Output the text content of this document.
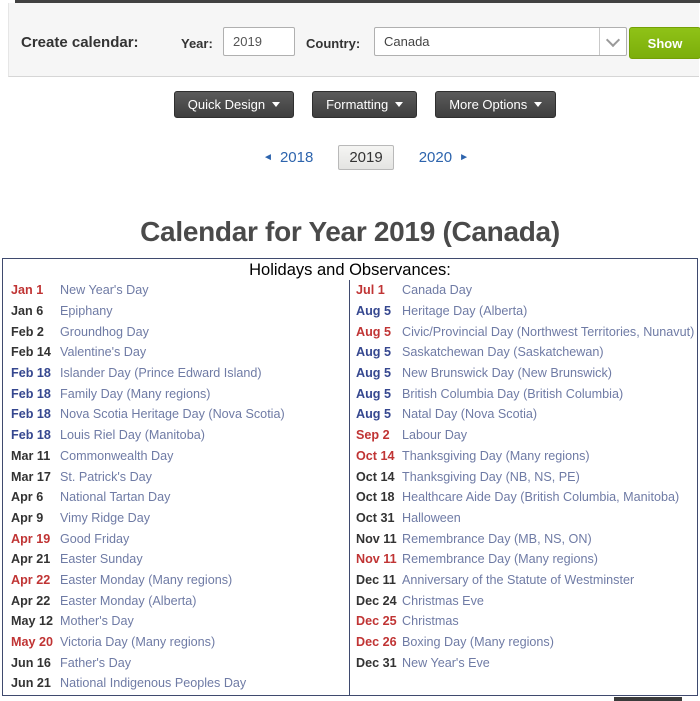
Create calendar:	Year:
2019	Country:	Canada	Show
Quick Design	Formatting	More Options
◄ 2018	2019	2020 ►
Calendar for Year 2019 (Canada)
Holidays and Observances:
Jan 1	New Year's Day
Jan 6	Epiphany
Feb 2	Groundhog Day
Feb 14 Valentine's Day
Feb 18 Islander Day (Prince Edward Island)
Feb 18 Family Day (Many regions)
Feb 18 Nova Scotia Heritage Day (Nova Scotia)
Feb 18 Louis Riel Day (Manitoba)
Mar 11 Commonwealth Day
Mar 17 St. Patrick's Day
Apr 6	National Tartan Day
Apr 9	Vimy Ridge Day
Apr 19 Good Friday
Apr 21 Easter Sunday
Apr 22 Easter Monday (Many regions)
Apr 22 Easter Monday (Alberta)
May 12 Mother's Day
May 20 Victoria Day (Many regions)
Jun 16 Father's Day
Jun 21 National Indigenous Peoples Day
Jul 1	Canada Day
Aug 5 Heritage Day (Alberta)
Aug 5 Civic/Provincial Day (Northwest Territories, Nunavut)
Aug 5 Saskatchewan Day (Saskatchewan)
Aug 5 New Brunswick Day (New Brunswick)
Aug 5 British Columbia Day (British Columbia)
Aug 5 Natal Day (Nova Scotia)
Sep 2 Labour Day
Oct 14 Thanksgiving Day (Many regions)
Oct 14 Thanksgiving Day (NB, NS, PE)
Oct 18 Healthcare Aide Day (British Columbia, Manitoba)
Oct 31 Halloween
Nov 11 Remembrance Day (MB, NS, ON)
Nov 11 Remembrance Day (Many regions)
Dec 11 Anniversary of the Statute of Westminster
Dec 24 Christmas Eve
Dec 25 Christmas
Dec 26 Boxing Day (Many regions)
Dec 31 New Year's Eve
